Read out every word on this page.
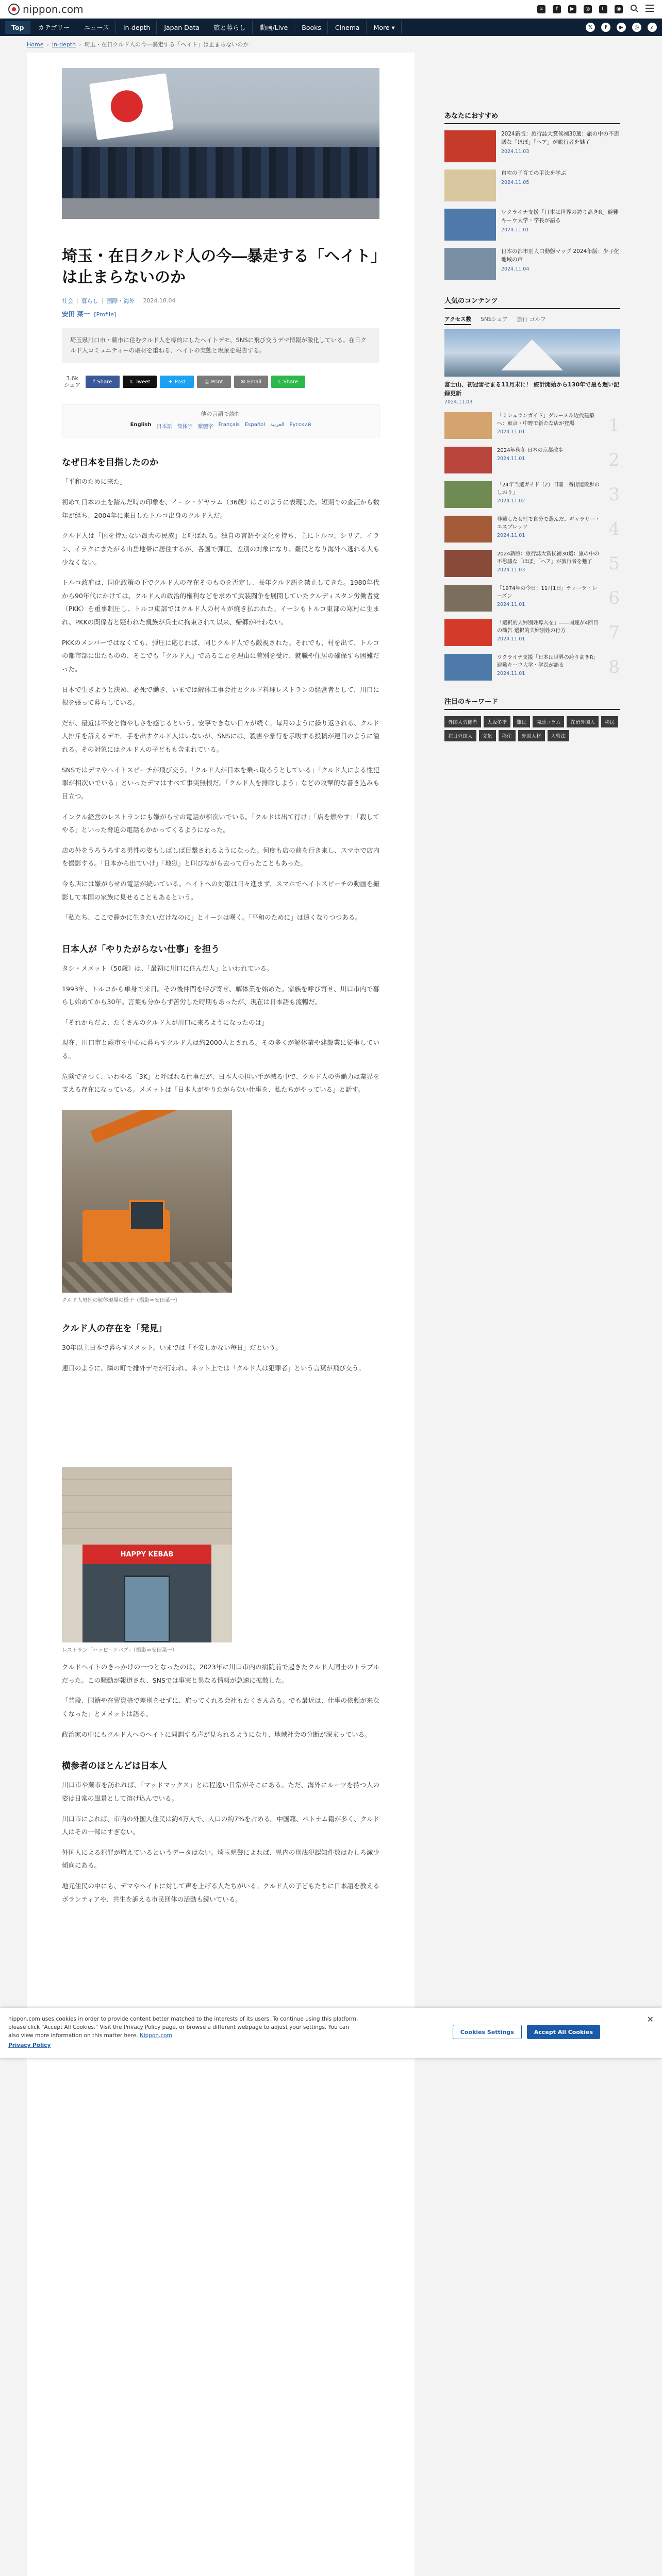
nippon.com	𝕏	f	▶	◎	L	◉
Top	カテゴリー	ニュース	In-depth	Japan Data	旅と暮らし	動画/Live	Books	Cinema	More ▾	𝕏	f	▶	◎	⌕
Home › In-depth › 埼玉・在日クルド人の今―暴走する「ヘイト」は止まらないのか
埼玉・在日クルド人の今―暴走する「ヘイト」は止まらないのか
社会 | 暮らし | 国際・海外 2024.10.04
安田 菜一 [Profile]
埼玉県川口市・蕨市に住むクルド人を標的にしたヘイトデモ、SNSに飛び交うデマ情報が激化している。在日クルド人コミュニティーの取材を重ねる、ヘイトの実態と現象を報告する。
3.6k
シェア	f Share	𝕏 Tweet	✦ Post	⎙ Print	✉ Email	L Share
他の言語で読む
English 日本語 简体字 繁體字 Français Español العربية Русский
なぜ日本を目指したのか

「平和のために来た」

初めて日本の土を踏んだ時の印象を、イーシ・ゲヤラム（36歳）はこのように表現した。短期での査証から数年が経ち、2004年に来日したトルコ出身のクルド人だ。

クルド人は「国を持たない最大の民族」と呼ばれる。独自の言語や文化を持ち、主にトルコ、シリア、イラン、イラクにまたがる山岳地帯に居住するが、各国で弾圧、差別の対象になり、難民となり海外へ逃れる人も少なくない。

トルコ政府は、同化政策の下でクルド人の存在そのものを否定し、長年クルド語を禁止してきた。1980年代から90年代にかけては、クルド人の政治的権利などを求めて武装闘争を展開していたクルディスタン労働者党（PKK）を重事制圧し、トルコ東部ではクルド人の村々が焼き払われた。イーシもトルコ東部の寒村に生まれ、PKKの関係者と疑われた親族が兵士に拘束されて以来、帰郷が叶わない。

PKKのメンバーではなくても、弾圧に応じれば、同じクルド人でも敵視された。それでも、村を出て、トルコの都市部に出たものの、そこでも「クルド人」であることを理由に差別を受け、就職や住居の確保すら困難だった。

日本で生きようと決め、必死で働き、いまでは解体工事会社とクルド料理レストランの経営者として、川口に根を張って暮らしている。

だが、最近は不安と悔やしさを感じるという。安寧できない日々が続く。毎月のように繰り返される、クルド人排斥を訴えるデモ。手を出すクルド人はいないが、SNSには、殺害や暴行を示唆する投稿が連日のように溢れる。その対象にはクルド人の子どもも含まれている。

SNSではデマやヘイトスピーチが飛び交う。「クルド人が日本を乗っ取ろうとしている」「クルド人による性犯罪が相次いでいる」といったデマはすべて事実無根だ。「クルド人を排除しよう」などの攻撃的な書き込みも目立つ。

インクル経営のレストランにも嫌がらせの電話が相次いでいる。「クルドは出て行け」「店を燃やす」「殺してやる」といった脅迫の電話もかかってくるようになった。

店の外をうろうろする男性の姿もしばしば目撃されるようになった。何度も店の前を行き来し、スマホで店内を撮影する。「日本から出ていけ」「地獄」と叫びながら去って行ったこともあった。

今も店には嫌がらせの電話が続いている。ヘイトへの対策は日々進まず、スマホでヘイトスピーチの動画を撮影して本国の家族に見せることもあるという。

「私たち、ここで静かに生きたいだけなのに」とイーシは嘆く。「平和のために」は遠くなりつつある。

日本人が「やりたがらない仕事」を担う

タシ・メメット（50歳）は、「最初に川口に住んだ人」といわれている。

1993年、トルコから単身で来日。その後仲間を呼び寄せ、解体業を始めた。家族を呼び寄せ、川口市内で暮らし始めてから30年。言葉も分からず苦労した時期もあったが、現在は日本語も流暢だ。

「それからだよ、たくさんのクルド人が川口に来るようになったのは」

現在、川口市と蕨市を中心に暮らすクルド人は約2000人とされる。その多くが解体業や建設業に従事している。

危険できつく、いわゆる「3K」と呼ばれる仕事だが、日本人の担い手が減る中で、クルド人の労働力は業界を支える存在になっている。メメットは「日本人がやりたがらない仕事を、私たちがやっている」と話す。

クルド人男性の解体現場の様子（撮影＝安田菜一）
クルド人の存在を「発見」

30年以上日本で暮らすメメット。いまでは「不安しかない毎日」だという。

連日のように、隣の町で排外デモが行われ、ネット上では「クルド人は犯罪者」という言葉が飛び交う。

HAPPY KEBAB
レストラン「ハッピーケバブ」（撮影＝安田菜一）

クルドへイトのきっかけの一つとなったのは、2023年に川口市内の病院前で起きたクルド人同士のトラブルだった。この騒動が報道され、SNSでは事実と異なる情報が急速に拡散した。

「普段、国籍や在留資格で差別をせずに、雇ってくれる会社もたくさんある。でも最近は、仕事の依頼が来なくなった」とメメットは語る。

政治家の中にもクルド人へのヘイトに同調する声が見られるようになり、地域社会の分断が深まっている。

横参者のほとんどは日本人

川口市や蕨市を訪れれば、「マッドマックス」とは程遠い日常がそこにある。ただ、海外にルーツを持つ人の姿は日常の風景として溶け込んでいる。

川口市によれば、市内の外国人住民は約4万人で、人口の約7%を占める。中国籍、ベトナム籍が多く、クルド人はその一部にすぎない。

外国人による犯罪が増えているというデータはない。埼玉県警によれば、県内の刑法犯認知件数はむしろ減少傾向にある。

地元住民の中にも、デマやヘイトに対して声を上げる人たちがいる。クルド人の子どもたちに日本語を教えるボランティアや、共生を訴える市民団体の活動も続いている。

あなたにおすすめ
2024新版：旅行誌大賞候補30選：旅の中の不思議な「ほぼ」「ヘア」が旅行者を魅了
2024.11.03
自宅の子育ての手法を学ぶ
2024.11.05
ウクライナ支援「日本は世界の誇り高きR」避難キーウ大学・学長が語る
2024.11.01
日本の都市別人口動態マップ 2024年版：少子化地域の声
2024.11.04
人気のコンテンツ
アクセス数 SNSシェア 旅行 ゴルフ
富士山、初冠雪せまる11月末に！ 統計開始から130年で最も遅い記録更新
2024.11.03
「ミシュランガイド」グルーメ＆近代建築へ：東京・中野で新たな店が登場
2024.11.01	1
2024年秋冬 日本の京都散歩
2024.11.01	2
「24年当選ガイド（2）旧藩一番街道散歩のしおり」
2024.11.02	3
非難した女性で自分で選んだ、ギャラリー・エスプレッソ
2024.11.01	4
2024新版：旅行誌大賞候補30選：旅の中の不思議な「ほぼ」「ヘア」が旅行者を魅了
2024.11.03	5
「1974年の今日：11月1日」ティーラ・レーズン
2024.11.01	6
「選択的夫婦別姓導入を」――国連が4回目の勧告 選択的夫婦別姓の行方
2024.11.01	7
ウクライナ支援「日本は世界の誇り高きR」避難キーウ大学・学長が語る
2024.11.01	8
注目のキーワード
外国人労働者	大坂冬季	難民	関連コラム	在留外国人	移民
在日外国人	文化	移住	外国人材	入管法
nippon.com uses cookies in order to provide content better matched to the interests of its users. To continue using this platform, please click "Accept All Cookies." Visit the Privacy Policy page, or browse a different webpage to adjust your settings. You can also view more information on this matter here. Nippon.com
Privacy Policy
Cookies Settings	Accept All Cookies
✕
